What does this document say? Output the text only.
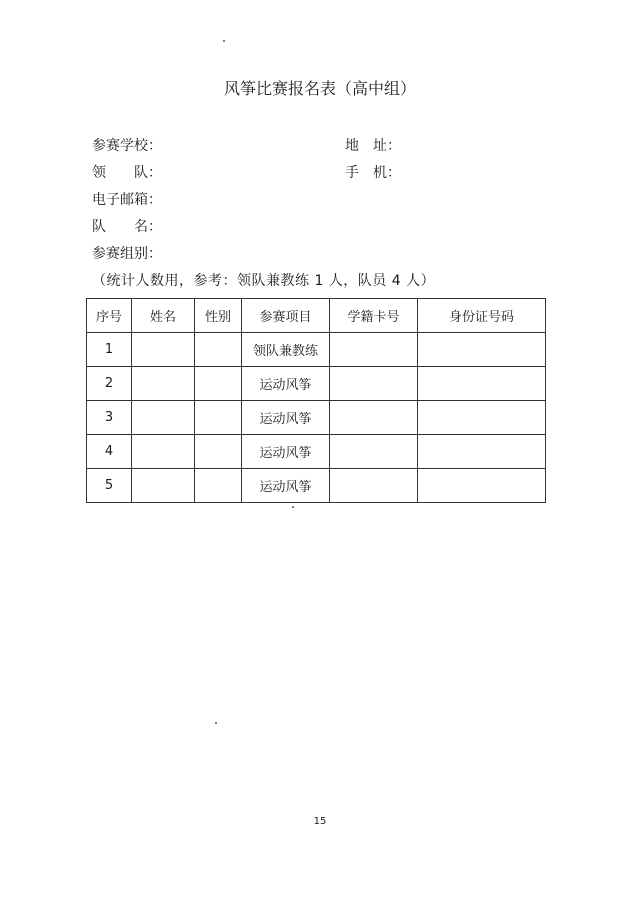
风筝比赛报名表（高中组）
参赛学校：	地　址：
领　　队：	手　机：
电子邮箱：
队　　名：
参赛组别：
（统计人数用，参考：领队兼教练 1 人，队员 4 人）
序号	姓名	性别	参赛项目	学籍卡号	身份证号码
1			领队兼教练		
2			运动风筝		
3			运动风筝		
4			运动风筝		
5			运动风筝		
15
